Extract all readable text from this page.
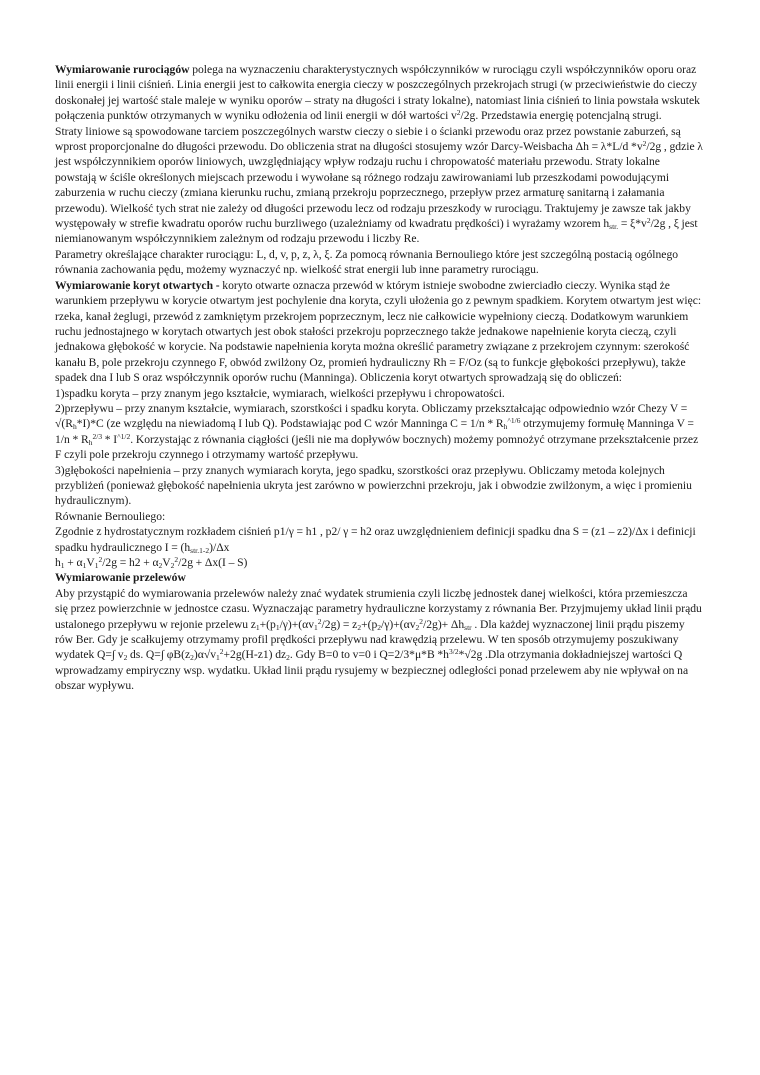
Wymiarowanie rurociągów polega na wyznaczeniu charakterystycznych współczynników w rurociągu czyli współczynników oporu oraz linii energii i linii ciśnień. Linia energii jest to całkowita energia cieczy w poszczególnych przekrojach strugi (w przeciwieństwie do cieczy doskonałej jej wartość stale maleje w wyniku oporów – straty na długości i straty lokalne), natomiast linia ciśnień to linia powstała wskutek połączenia punktów otrzymanych w wyniku odłożenia od linii energii w dół wartości $v^2/2g$. Przedstawia energię potencjalną strugi.

Straty liniowe są spowodowane tarciem poszczególnych warstw cieczy o siebie i o ścianki przewodu oraz przez powstanie zaburzeń, są wprost proporcjonalne do długości przewodu. Do obliczenia strat na długości stosujemy wzór Darcy-Weisbacha Δh = λ*L/d $*v^2/2g$ , gdzie λ jest współczynnikiem oporów liniowych, uwzględniający wpływ rodzaju ruchu i chropowatość materiału przewodu. Straty lokalne powstają w ściśle określonych miejscach przewodu i wywołane są różnego rodzaju zawirowaniami lub przeszkodami powodującymi zaburzenia w ruchu cieczy (zmiana kierunku ruchu, zmianą przekroju poprzecznego, przepływ przez armaturę sanitarną i załamania przewodu). Wielkość tych strat nie zależy od długości przewodu lecz od rodzaju przeszkody w rurociągu. Traktujemy je zawsze tak jakby występowały w strefie kwadratu oporów ruchu burzliwego (uzależniamy od kwadratu prędkości) i wyrażamy wzorem $h_{str.} = \xi*v^2/2g$ , ξ jest niemianowanym współczynnikiem zależnym od rodzaju przewodu i liczby Re.

Parametry określające charakter rurociągu: L, d, v, p, z, λ, ξ. Za pomocą równania Bernouliego które jest szczególną postacią ogólnego równania zachowania pędu, możemy wyznaczyć np. wielkość strat energii lub inne parametry rurociągu.

Wymiarowanie koryt otwartych - koryto otwarte oznacza przewód w którym istnieje swobodne zwierciadło cieczy. Wynika stąd że warunkiem przepływu w korycie otwartym jest pochylenie dna koryta, czyli ułożenia go z pewnym spadkiem. Korytem otwartym jest więc: rzeka, kanał żeglugi, przewód z zamkniętym przekrojem poprzecznym, lecz nie całkowicie wypełniony cieczą. Dodatkowym warunkiem ruchu jednostajnego w korytach otwartych jest obok stałości przekroju poprzecznego także jednakowe napełnienie koryta cieczą, czyli jednakowa głębokość w korycie. Na podstawie napełnienia koryta można określić parametry związane z przekrojem czynnym: szerokość kanału B, pole przekroju czynnego F, obwód zwilżony Oz, promień hydrauliczny Rh = F/Oz (są to funkcje głębokości przepływu), także spadek dna I lub S oraz współczynnik oporów ruchu (Manninga). Obliczenia koryt otwartych sprowadzają się do obliczeń:

1)spadku koryta – przy znanym jego kształcie, wymiarach, wielkości przepływu i chropowatości.

2)przepływu – przy znanym kształcie, wymiarach, szorstkości i spadku koryta. Obliczamy przekształcając odpowiednio wzór Chezy $V = √(R_h*I)*C$ (ze względu na niewiadomą I lub Q). Podstawiając pod C wzór Manninga $C = 1/n * R_h^{\^{}1/6}$ otrzymujemy formułę Manninga $V = 1/n * R_h^{2/3} * I^{\^{}1/2}$. Korzystając z równania ciągłości (jeśli nie ma dopływów bocznych) możemy pomnożyć otrzymane przekształcenie przez F czyli pole przekroju czynnego i otrzymamy wartość przepływu.

3)głębokości napełnienia – przy znanych wymiarach koryta, jego spadku, szorstkości oraz przepływu. Obliczamy metoda kolejnych przybliżeń (ponieważ głębokość napełnienia ukryta jest zarówno w powierzchni przekroju, jak i obwodzie zwilżonym, a więc i promieniu hydraulicznym).

Równanie Bernouliego:

Zgodnie z hydrostatycznym rozkładem ciśnień p1/γ = h1 , p2/ γ = h2 oraz uwzględnieniem definicji spadku dna S = (z1 – z2)/Δx i definicji spadku hydraulicznego $I = (h_{str.1-2})/\Delta x$

$h_1 + \alpha_1V_1^2/2g = h2 + \alpha_2V_2^2/2g + \Delta x(I - S)$

Wymiarowanie przelewów

Aby przystąpić do wymiarowania przelewów należy znać wydatek strumienia czyli liczbę jednostek danej wielkości, która przemieszcza się przez powierzchnie w jednostce czasu. Wyznaczając parametry hydrauliczne korzystamy z równania Ber. Przyjmujemy układ linii prądu ustalonego przepływu w rejonie przelewu $z_1+(p_1/\gamma)+(\alpha v_1^2/2g) = z_2+(p_2/\gamma)+(\alpha v_2^2/2g)+ \Delta h_{str}$ . Dla każdej wyznaczonej linii prądu piszemy rów Ber. Gdy je scałkujemy otrzymamy profil prędkości przepływu nad krawędzią przelewu. W ten sposób otrzymujemy poszukiwany wydatek Q=∫ $v_2$ ds. Q=∫ $\varphi B(z_2)\alpha√v_1^2+2g(H-z1)$ $dz_2$. Gdy B=0 to v=0 i Q=2/3*μ*B $*h^{3/2}*√2g$ .Dla otrzymania dokładniejszej wartości Q wprowadzamy empiryczny wsp. wydatku. Układ linii prądu rysujemy w bezpiecznej odległości ponad przelewem aby nie wpływał on na obszar wypływu.
